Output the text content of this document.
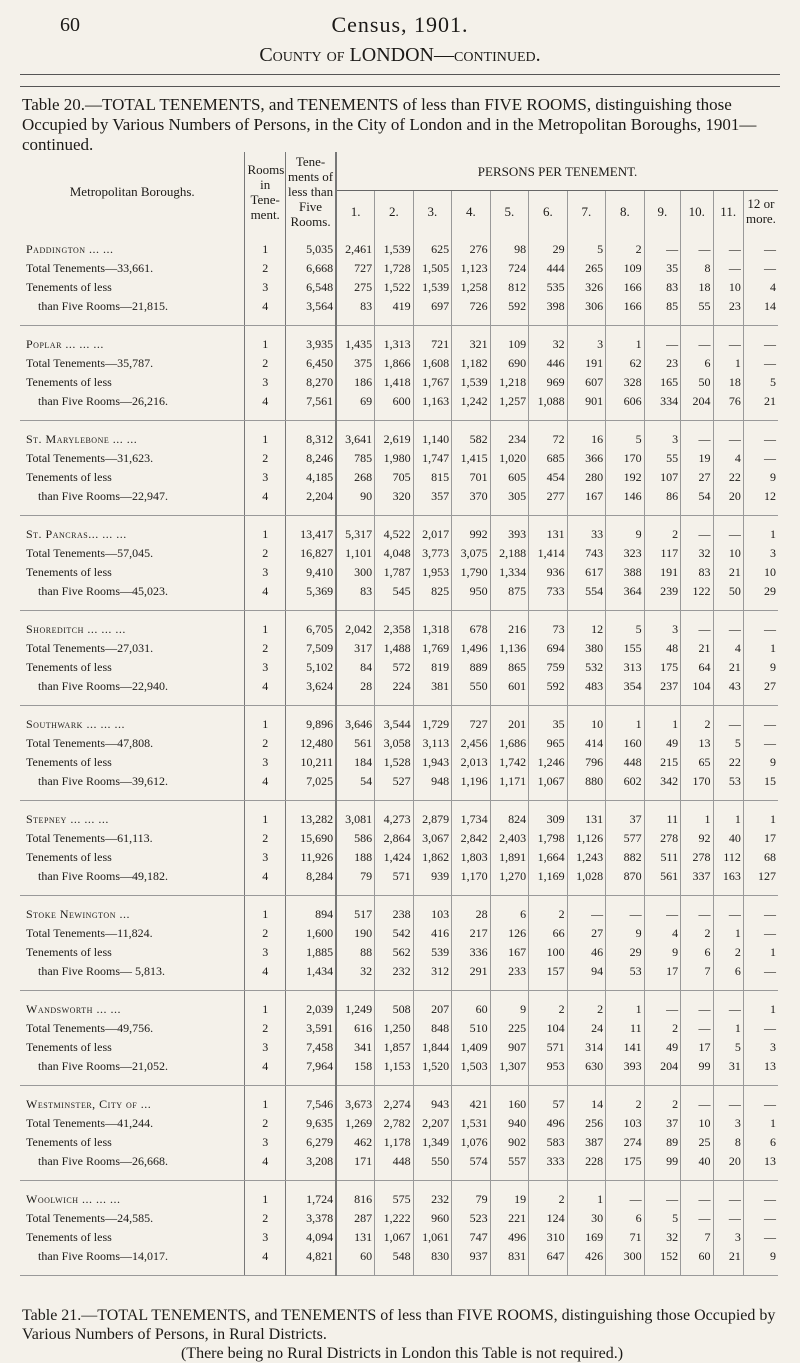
60	Census, 1901.
County of LONDON—continued.
Table 20.—TOTAL TENEMENTS, and TENEMENTS of less than FIVE ROOMS, distinguishing those Occupied by Various Numbers of Persons, in the City of London and in the Metropolitan Boroughs, 1901—continued.
Metropolitan Boroughs.	Rooms in Tene-ment.	Tene-ments of less than Five Rooms.	PERSONS PER TENEMENT.											
			1.	2.	3.	4.	5.	6.	7.	8.	9.	10.	11.	12 or more.

Paddington ... ...	1	5,035	2,461	1,539	625	276	98	29	5	2	—	—	—	—
Total Tenements—33,661.	2	6,668	727	1,728	1,505	1,123	724	444	265	109	35	8	—	—
Tenements of less	3	6,548	275	1,522	1,539	1,258	812	535	326	166	83	18	10	4
than Five Rooms—21,815.	4	3,564	83	419	697	726	592	398	306	166	85	55	23	14

Poplar ... ... ...	1	3,935	1,435	1,313	721	321	109	32	3	1	—	—	—	—
Total Tenements—35,787.	2	6,450	375	1,866	1,608	1,182	690	446	191	62	23	6	1	—
Tenements of less	3	8,270	186	1,418	1,767	1,539	1,218	969	607	328	165	50	18	5
than Five Rooms—26,216.	4	7,561	69	600	1,163	1,242	1,257	1,088	901	606	334	204	76	21

St. Marylebone ... ...	1	8,312	3,641	2,619	1,140	582	234	72	16	5	3	—	—	—
Total Tenements—31,623.	2	8,246	785	1,980	1,747	1,415	1,020	685	366	170	55	19	4	—
Tenements of less	3	4,185	268	705	815	701	605	454	280	192	107	27	22	9
than Five Rooms—22,947.	4	2,204	90	320	357	370	305	277	167	146	86	54	20	12

St. Pancras... ... ...	1	13,417	5,317	4,522	2,017	992	393	131	33	9	2	—	—	1
Total Tenements—57,045.	2	16,827	1,101	4,048	3,773	3,075	2,188	1,414	743	323	117	32	10	3
Tenements of less	3	9,410	300	1,787	1,953	1,790	1,334	936	617	388	191	83	21	10
than Five Rooms—45,023.	4	5,369	83	545	825	950	875	733	554	364	239	122	50	29

Shoreditch ... ... ...	1	6,705	2,042	2,358	1,318	678	216	73	12	5	3	—	—	—
Total Tenements—27,031.	2	7,509	317	1,488	1,769	1,496	1,136	694	380	155	48	21	4	1
Tenements of less	3	5,102	84	572	819	889	865	759	532	313	175	64	21	9
than Five Rooms—22,940.	4	3,624	28	224	381	550	601	592	483	354	237	104	43	27

Southwark ... ... ...	1	9,896	3,646	3,544	1,729	727	201	35	10	1	1	2	—	—
Total Tenements—47,808.	2	12,480	561	3,058	3,113	2,456	1,686	965	414	160	49	13	5	—
Tenements of less	3	10,211	184	1,528	1,943	2,013	1,742	1,246	796	448	215	65	22	9
than Five Rooms—39,612.	4	7,025	54	527	948	1,196	1,171	1,067	880	602	342	170	53	15

Stepney ... ... ...	1	13,282	3,081	4,273	2,879	1,734	824	309	131	37	11	1	1	1
Total Tenements—61,113.	2	15,690	586	2,864	3,067	2,842	2,403	1,798	1,126	577	278	92	40	17
Tenements of less	3	11,926	188	1,424	1,862	1,803	1,891	1,664	1,243	882	511	278	112	68
than Five Rooms—49,182.	4	8,284	79	571	939	1,170	1,270	1,169	1,028	870	561	337	163	127

Stoke Newington ...	1	894	517	238	103	28	6	2	—	—	—	—	—	—
Total Tenements—11,824.	2	1,600	190	542	416	217	126	66	27	9	4	2	1	—
Tenements of less	3	1,885	88	562	539	336	167	100	46	29	9	6	2	1
than Five Rooms— 5,813.	4	1,434	32	232	312	291	233	157	94	53	17	7	6	—

Wandsworth ... ...	1	2,039	1,249	508	207	60	9	2	2	1	—	—	—	1
Total Tenements—49,756.	2	3,591	616	1,250	848	510	225	104	24	11	2	—	1	—
Tenements of less	3	7,458	341	1,857	1,844	1,409	907	571	314	141	49	17	5	3
than Five Rooms—21,052.	4	7,964	158	1,153	1,520	1,503	1,307	953	630	393	204	99	31	13

Westminster, City of ...	1	7,546	3,673	2,274	943	421	160	57	14	2	2	—	—	—
Total Tenements—41,244.	2	9,635	1,269	2,782	2,207	1,531	940	496	256	103	37	10	3	1
Tenements of less	3	6,279	462	1,178	1,349	1,076	902	583	387	274	89	25	8	6
than Five Rooms—26,668.	4	3,208	171	448	550	574	557	333	228	175	99	40	20	13

Woolwich ... ... ...	1	1,724	816	575	232	79	19	2	1	—	—	—	—	—
Total Tenements—24,585.	2	3,378	287	1,222	960	523	221	124	30	6	5	—	—	—
Tenements of less	3	4,094	131	1,067	1,061	747	496	310	169	71	32	7	3	—
than Five Rooms—14,017.	4	4,821	60	548	830	937	831	647	426	300	152	60	21	9

Table 21.—TOTAL TENEMENTS, and TENEMENTS of less than FIVE ROOMS, distinguishing those Occupied by Various Numbers of Persons, in Rural Districts.
(There being no Rural Districts in London this Table is not required.)
